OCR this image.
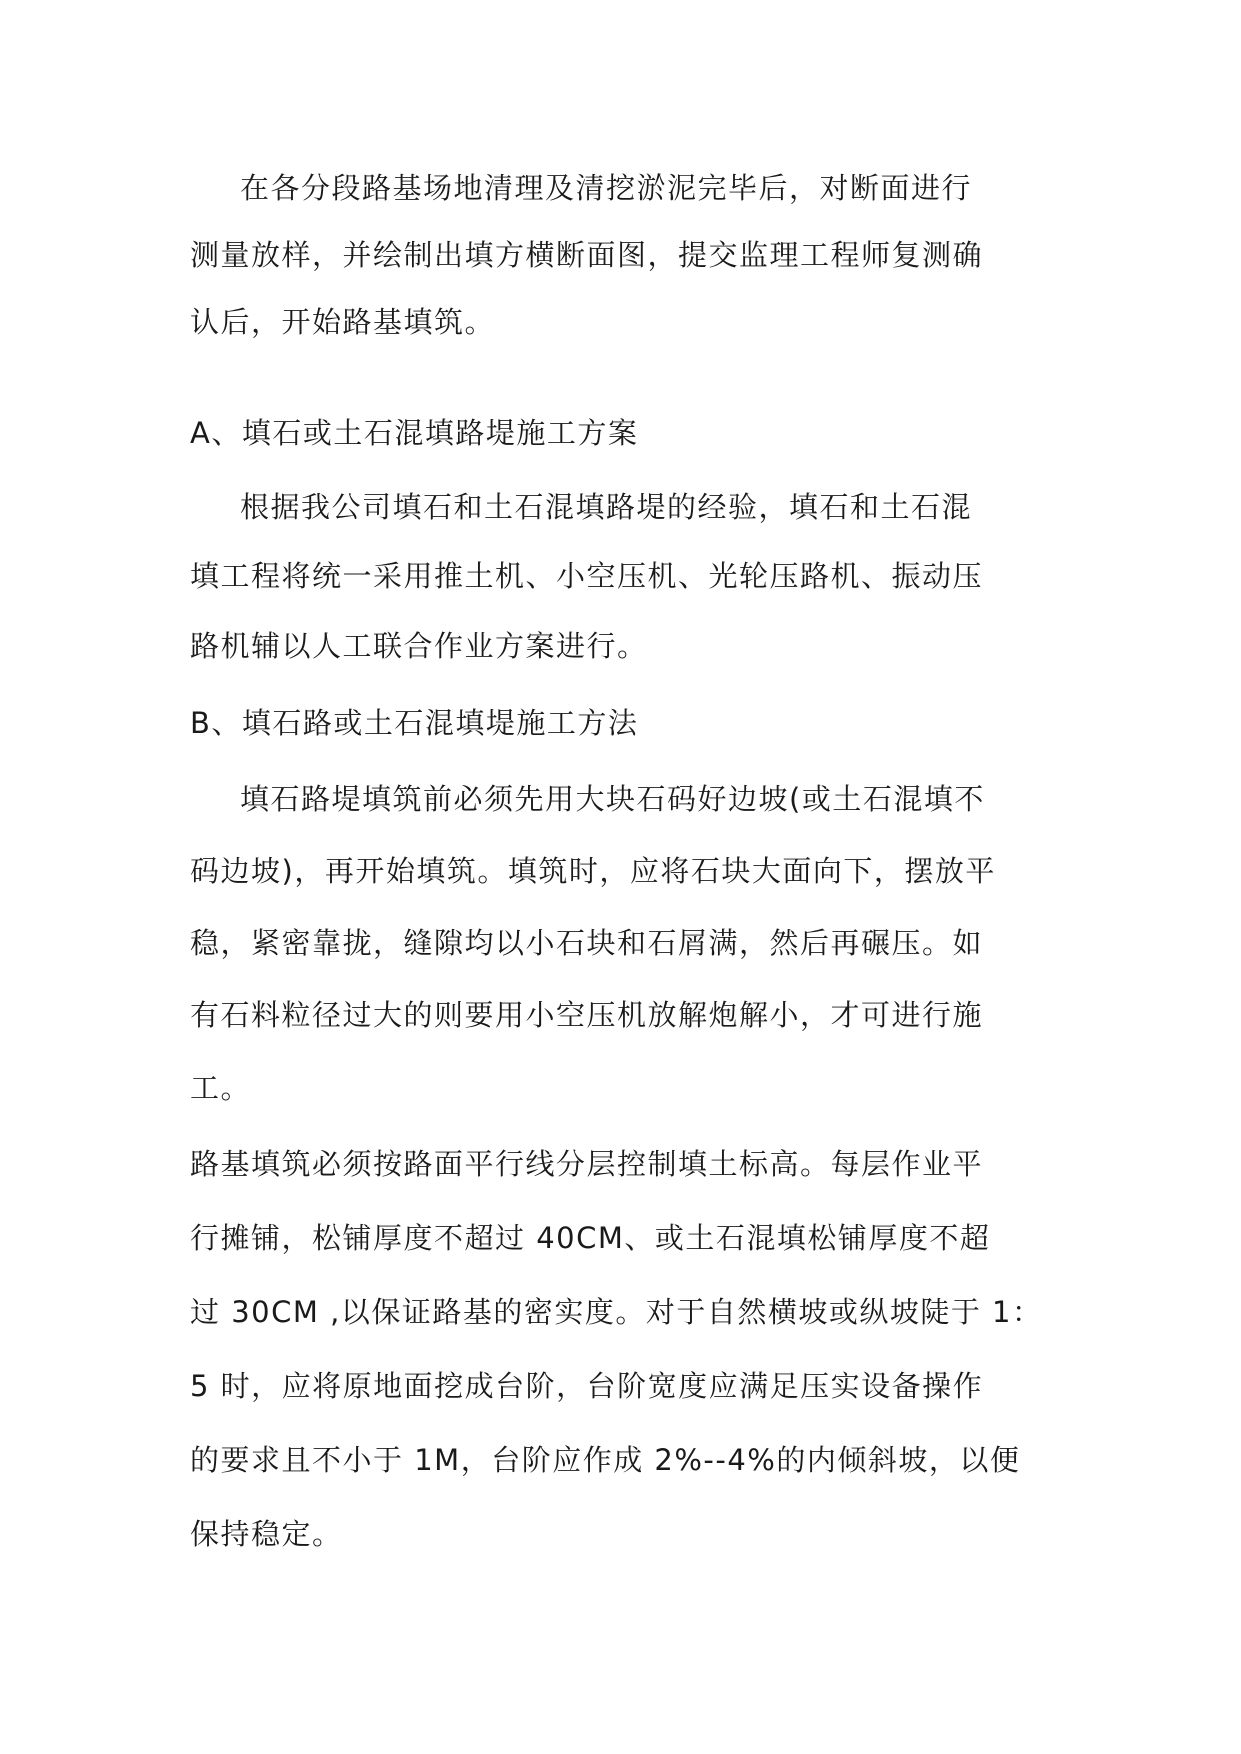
在各分段路基场地清理及清挖淤泥完毕后，对断面进行
测量放样，并绘制出填方横断面图，提交监理工程师复测确
认后，开始路基填筑。
A、填石或土石混填路堤施工方案
根据我公司填石和土石混填路堤的经验，填石和土石混
填工程将统一采用推土机、小空压机、光轮压路机、振动压
路机辅以人工联合作业方案进行。
B、填石路或土石混填堤施工方法
填石路堤填筑前必须先用大块石码好边坡(或土石混填不
码边坡)，再开始填筑。填筑时，应将石块大面向下，摆放平
稳，紧密靠拢，缝隙均以小石块和石屑满，然后再碾压。如
有石料粒径过大的则要用小空压机放解炮解小，才可进行施
工。
路基填筑必须按路面平行线分层控制填土标高。每层作业平
行摊铺，松铺厚度不超过 40CM、或土石混填松铺厚度不超
过 30CM ,以保证路基的密实度。对于自然横坡或纵坡陡于 1：
5 时，应将原地面挖成台阶，台阶宽度应满足压实设备操作
的要求且不小于 1M，台阶应作成 2%--4%的内倾斜坡，以便
保持稳定。
